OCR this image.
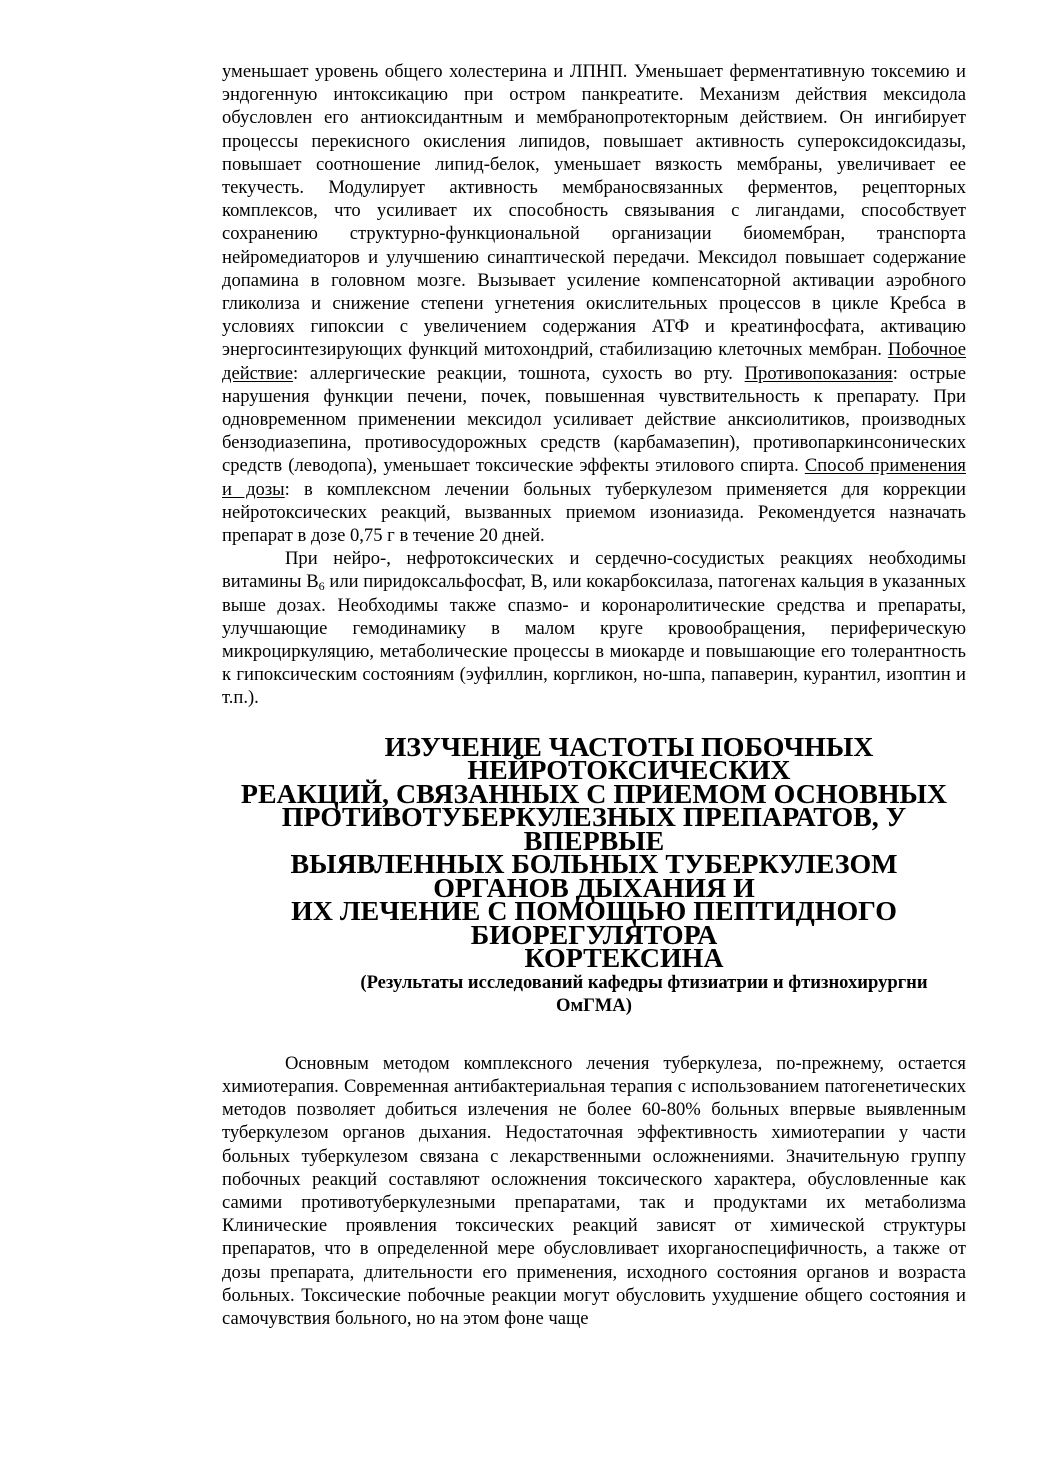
уменьшает уровень общего холестерина и ЛПНП. Уменьшает ферментативную токсемию и эндогенную интоксикацию при остром панкреатите. Механизм действия мексидола обусловлен его антиоксидантным и мембранопротекторным действием. Он ингибирует процессы перекисного окисления липидов, повышает активность супероксидоксидазы, повышает соотношение липид-белок, уменьшает вязкость мембраны, увеличивает ее текучесть. Модулирует активность мембраносвязанных ферментов, рецепторных комплексов, что усиливает их способность связывания с лигандами, способствует сохранению структурно-функциональной организации биомембран, транспорта нейромедиаторов и улучшению синаптической передачи. Мексидол повышает содержание допамина в головном мозге. Вызывает усиление компенсаторной активации аэробного гликолиза и снижение степени угнетения окислительных процессов в цикле Кребса в условиях гипоксии с увеличением содержания АТФ и креатинфосфата, активацию энергосинтезирующих функций митохондрий, стабилизацию клеточных мембран. Побочное действие: аллергические реакции, тошнота, сухость во рту. Противопоказания: острые нарушения функции печени, почек, повышенная чувствительность к препарату. При одновременном применении мексидол усиливает действие анксиолитиков, производных бензодиазепина, противосудорожных средств (карбамазепин), противопаркинсонических средств (леводопа), уменьшает токсические эффекты этилового спирта. Способ применения и дозы: в комплексном лечении больных туберкулезом применяется для коррекции нейротоксических реакций, вызванных приемом изониазида. Рекомендуется назначать препарат в дозе 0,75 г в течение 20 дней.

При нейро-, нефротоксических и сердечно-сосудистых реакциях необходимы витамины $В_6$ или пиридоксальфосфат, В, или кокарбоксилаза, патогенах кальция в указанных выше дозах. Необходимы также спазмо- и коронаролитические средства и препараты, улучшающие гемодинамику в малом круге кровообращения, периферическую микроциркуляцию, метаболические процессы в миокарде и повышающие его толерантность к гипоксическим состояниям (эуфиллин, коргликон, но-шпа, папаверин, курантил, изоптин и т.п.).

ИЗУЧЕНИЕ ЧАСТОТЫ ПОБОЧНЫХ НЕЙРОТОКСИЧЕСКИХ
РЕАКЦИЙ, СВЯЗАННЫХ С ПРИЕМОМ ОСНОВНЫХ
ПРОТИВОТУБЕРКУЛЕЗНЫХ ПРЕПАРАТОВ, У ВПЕРВЫЕ
ВЫЯВЛЕННЫХ БОЛЬНЫХ ТУБЕРКУЛЕЗОМ ОРГАНОВ ДЫХАНИЯ И
ИХ ЛЕЧЕНИЕ С ПОМОЩЬЮ ПЕПТИДНОГО БИОРЕГУЛЯТОРА
КОРТЕКСИНА

(Результаты исследований кафедры фтизиатрии и фтизнохирургни
ОмГМА)

Основным методом комплексного лечения туберкулеза, по-прежнему, остается химиотерапия. Современная антибактериальная терапия с использованием патогенетических методов позволяет добиться излечения не более 60-80% больных впервые выявленным туберкулезом органов дыхания. Недостаточная эффективность химиотерапии у части больных туберкулезом связана с лекарственными осложнениями. Значительную группу побочных реакций составляют осложнения токсического характера, обусловленные как самими противотуберкулезными препаратами, так и продуктами их метаболизма Клинические проявления токсических реакций зависят от химической структуры препаратов, что в определенной мере обусловливает ихорганоспецифичность, а также от дозы препарата, длительности его применения, исходного состояния органов и возраста больных. Токсические побочные реакции могут обусловить ухудшение общего состояния и самочувствия больного, но на этом фоне чаще
